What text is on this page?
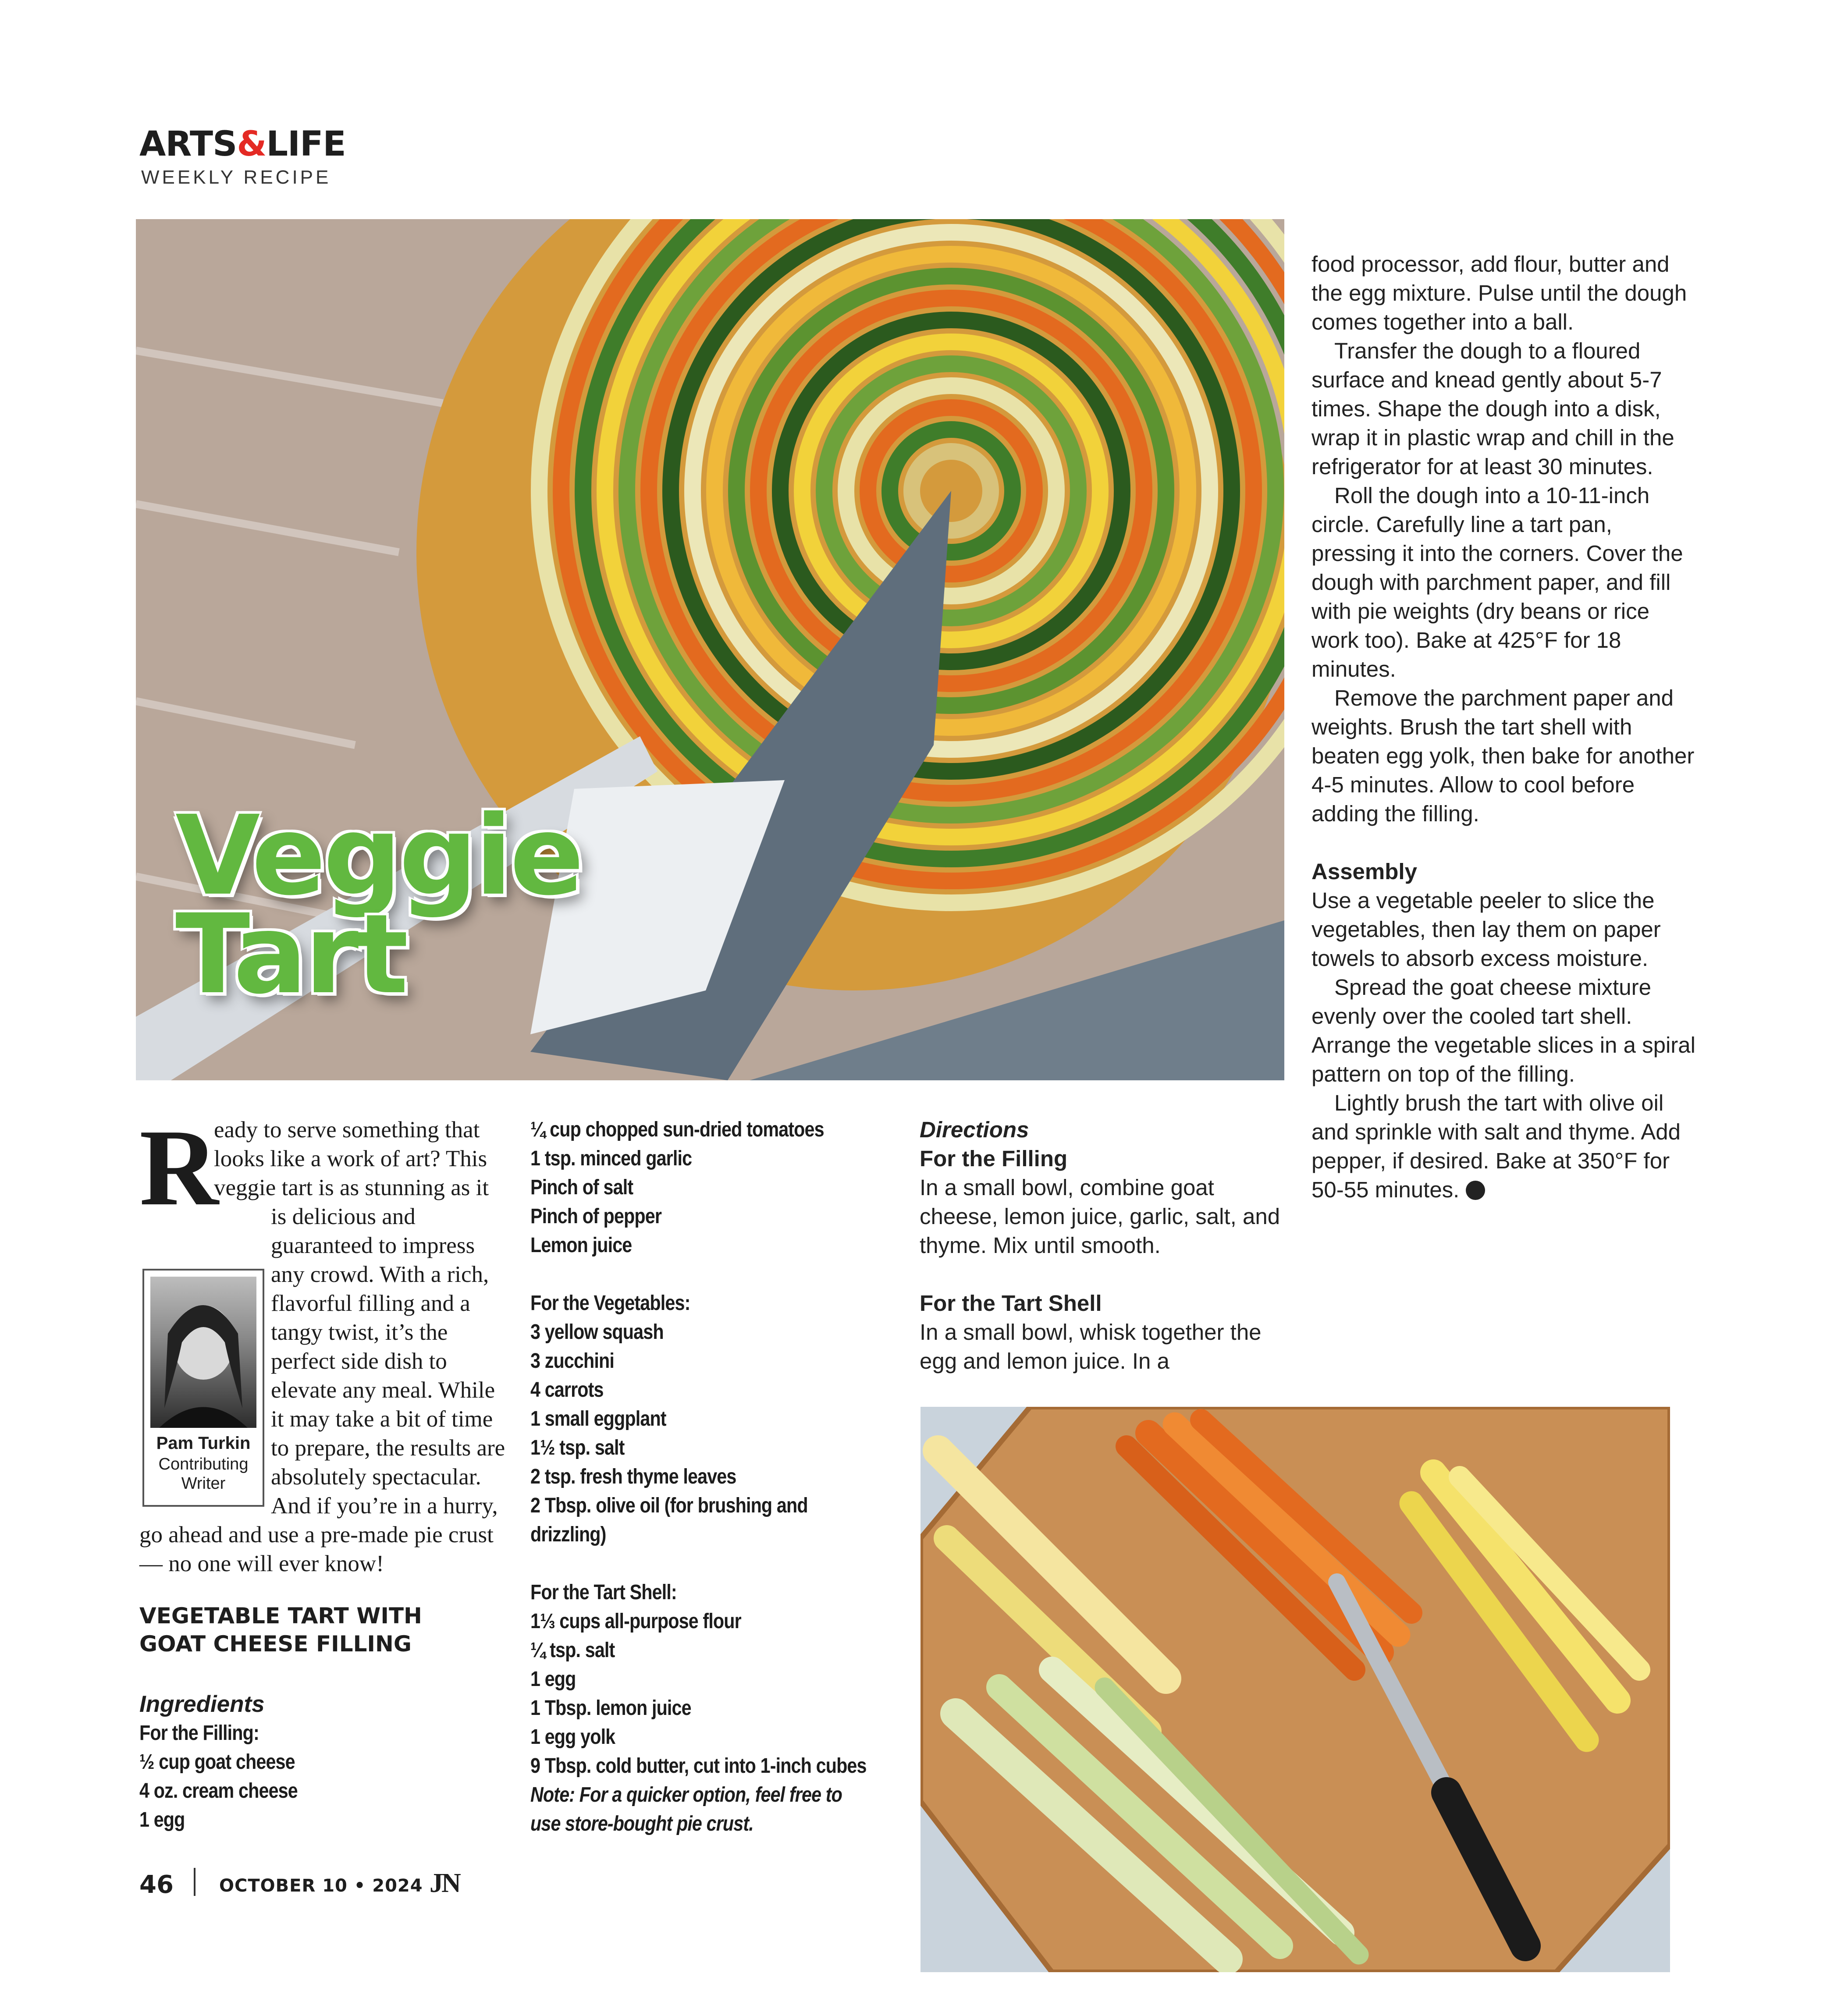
ARTS&LIFE
WEEKLY RECIPE
Veggie
Tart

food processor, add flour, butter and the egg mixture. Pulse until the dough comes together into a ball.

Transfer the dough to a floured surface and knead gently about 5-7 times. Shape the dough into a disk, wrap it in plastic wrap and chill in the refrigerator for at least 30 minutes.

Roll the dough into a 10-11-inch circle. Carefully line a tart pan, pressing it into the corners. Cover the dough with parchment paper, and fill with pie weights (dry beans or rice work too). Bake at 425°F for 18 minutes.

Remove the parchment paper and weights. Brush the tart shell with beaten egg yolk, then bake for another 4-5 minutes. Allow to cool before adding the filling.

Assembly

Use a vegetable peeler to slice the vegetables, then lay them on paper towels to absorb excess moisture.

Spread the goat cheese mixture evenly over the cooled tart shell. Arrange the vegetable slices in a spiral pattern on top of the filling.

Lightly brush the tart with olive oil and sprinkle with salt and thyme. Add pepper, if desired. Bake at 350°F for 50-55 minutes.

R
eady to serve something that looks like a work of art? This veggie tart is as stunning as it is delicious and guaranteed to impress any crowd. With a rich, flavorful filling and a tangy twist, it’s the perfect side dish to elevate any meal. While it may take a bit of time to prepare, the results are absolutely spectacular. And if you’re in a hurry, go ahead and use a pre-made pie crust — no one will ever know!
Pam Turkin
Contributing
Writer
VEGETABLE TART WITH
GOAT CHEESE FILLING
Ingredients
For the Filling:
½ cup goat cheese
4 oz. cream cheese
1 egg
¼ cup chopped sun-dried tomatoes
1 tsp. minced garlic
Pinch of salt
Pinch of pepper
Lemon juice
For the Vegetables:
3 yellow squash
3 zucchini
4 carrots
1 small eggplant
1½ tsp. salt
2 tsp. fresh thyme leaves
2 Tbsp. olive oil (for brushing and
drizzling)
For the Tart Shell:
1⅓ cups all-purpose flour
¼ tsp. salt
1 egg
1 Tbsp. lemon juice
1 egg yolk
9 Tbsp. cold butter, cut into 1-inch cubes
Note: For a quicker option, feel free to
use store-bought pie crust.
Directions
For the Filling
In a small bowl, combine goat cheese, lemon juice, garlic, salt, and thyme. Mix until smooth.
For the Tart Shell
In a small bowl, whisk together the egg and lemon juice. In a
46	OCTOBER 10 • 2024 JN
